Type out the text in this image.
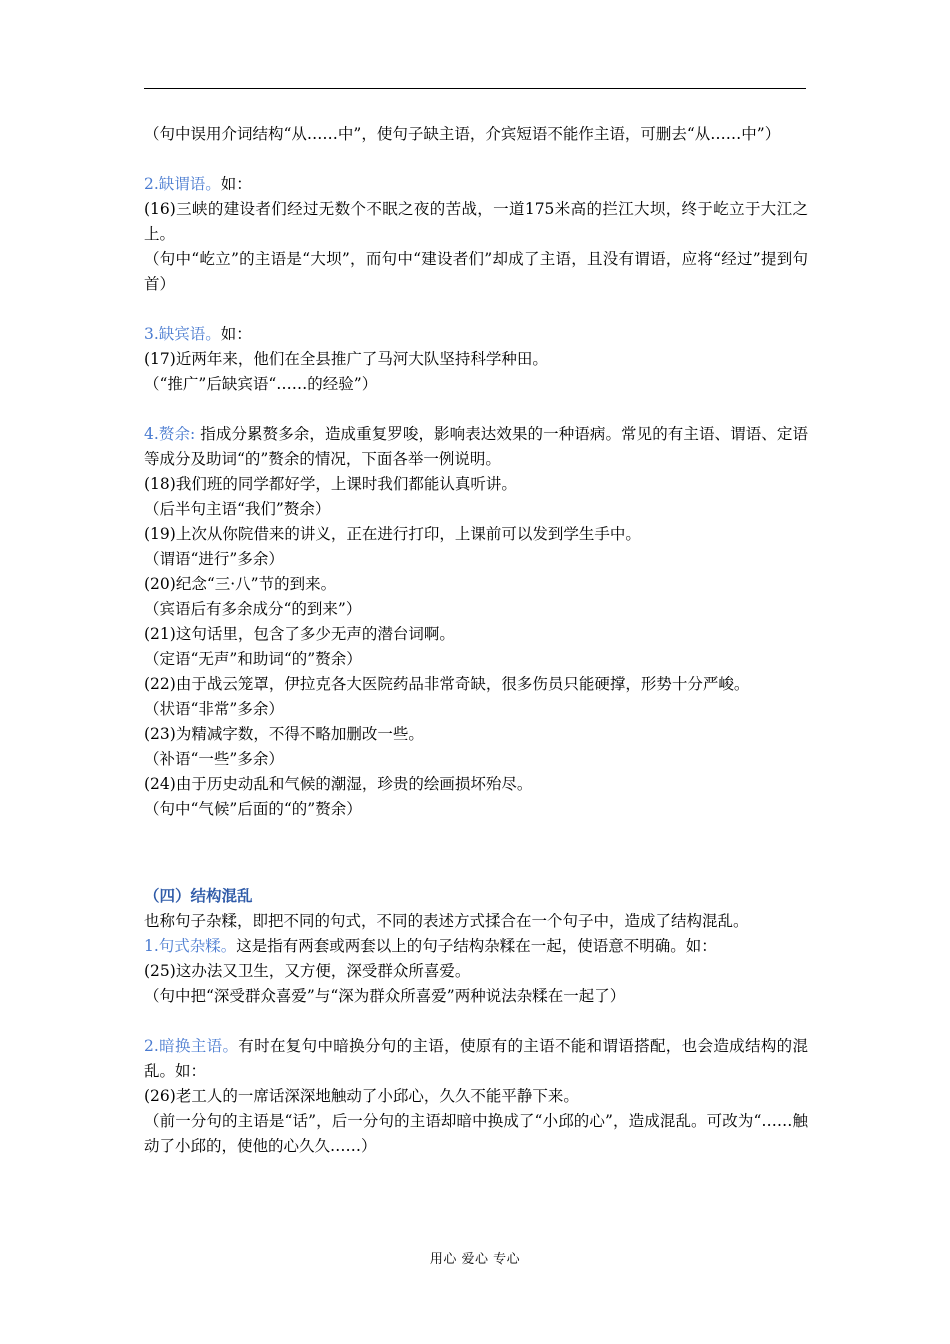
（句中误用介词结构“从……中”，使句子缺主语，介宾短语不能作主语，可删去“从……中”）
2.缺谓语。如：
(16)三峡的建设者们经过无数个不眠之夜的苦战，一道175米高的拦江大坝，终于屹立于大江之上。
（句中“屹立”的主语是“大坝”，而句中“建设者们”却成了主语，且没有谓语，应将“经过”提到句首）
3.缺宾语。如：
(17)近两年来，他们在全县推广了马河大队坚持科学种田。
（“推广”后缺宾语“……的经验”）
4.赘余: 指成分累赘多余，造成重复罗唆，影响表达效果的一种语病。常见的有主语、谓语、定语等成分及助词“的”赘余的情况，下面各举一例说明。
(18)我们班的同学都好学，上课时我们都能认真听讲。
（后半句主语“我们”赘余）
(19)上次从你院借来的讲义，正在进行打印，上课前可以发到学生手中。
（谓语“进行”多余）
(20)纪念“三·八”节的到来。
（宾语后有多余成分“的到来”）
(21)这句话里，包含了多少无声的潜台词啊。
（定语“无声”和助词“的”赘余）
(22)由于战云笼罩，伊拉克各大医院药品非常奇缺，很多伤员只能硬撑，形势十分严峻。
（状语“非常”多余）
(23)为精减字数，不得不略加删改一些。
（补语“一些”多余）
(24)由于历史动乱和气候的潮湿，珍贵的绘画损坏殆尽。
（句中“气候”后面的“的”赘余）
（四）结构混乱
也称句子杂糅，即把不同的句式，不同的表述方式揉合在一个句子中，造成了结构混乱。
1.句式杂糅。这是指有两套或两套以上的句子结构杂糅在一起，使语意不明确。如：
(25)这办法又卫生，又方便，深受群众所喜爱。
（句中把“深受群众喜爱”与“深为群众所喜爱”两种说法杂糅在一起了）
2.暗换主语。有时在复句中暗换分句的主语，使原有的主语不能和谓语搭配，也会造成结构的混乱。如：
(26)老工人的一席话深深地触动了小邱心，久久不能平静下来。
（前一分句的主语是“话”，后一分句的主语却暗中换成了“小邱的心”，造成混乱。可改为“……触动了小邱的，使他的心久久……）
用心 爱心 专心
